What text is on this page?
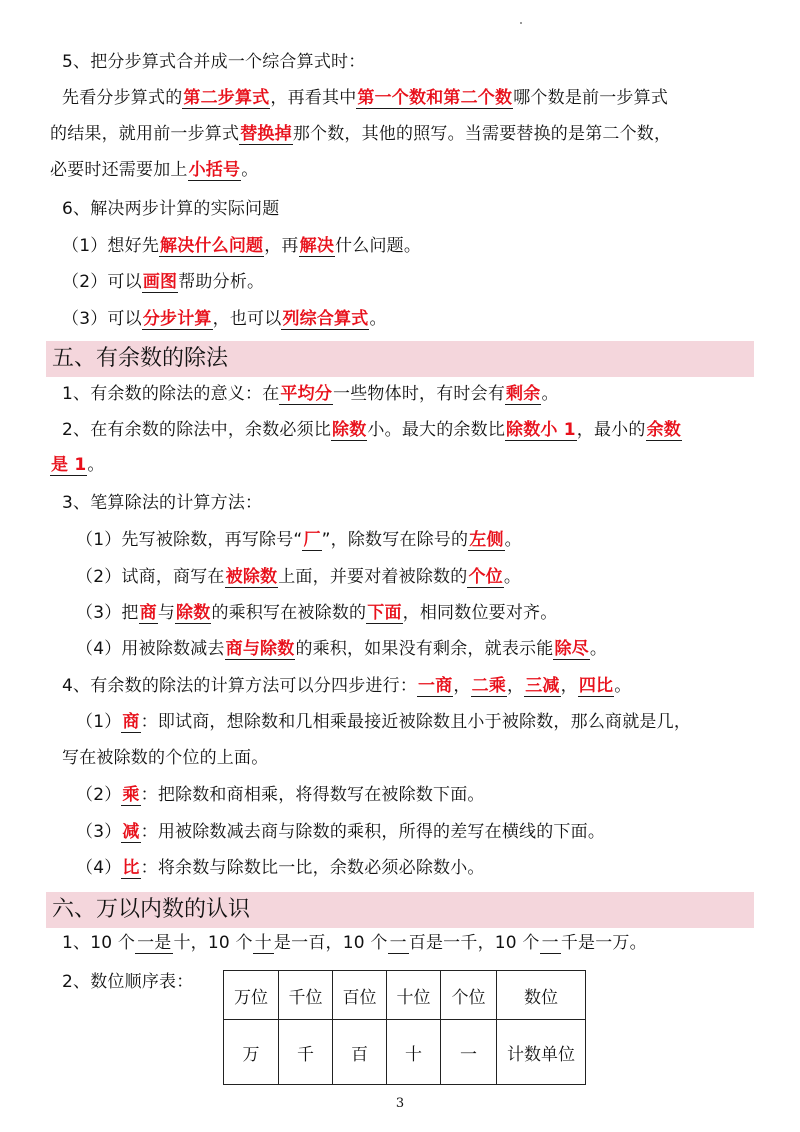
5、把分步算式合并成一个综合算式时：
先看分步算式的第二步算式，再看其中第一个数和第二个数哪个数是前一步算式
的结果，就用前一步算式替换掉那个数，其他的照写。当需要替换的是第二个数，
必要时还需要加上小括号。
6、解决两步计算的实际问题
（1）想好先解决什么问题，再解决什么问题。
（2）可以画图帮助分析。
（3）可以分步计算，也可以列综合算式。
五、有余数的除法
1、有余数的除法的意义：在平均分一些物体时，有时会有剩余。
2、在有余数的除法中，余数必须比除数小。最大的余数比除数小 1，最小的余数
是 1。
3、笔算除法的计算方法：
（1）先写被除数，再写除号“厂”，除数写在除号的左侧。
（2）试商，商写在被除数上面，并要对着被除数的个位。
（3）把商与除数的乘积写在被除数的下面，相同数位要对齐。
（4）用被除数减去商与除数的乘积，如果没有剩余，就表示能除尽。
4、有余数的除法的计算方法可以分四步进行：一商，二乘，三减，四比。
（1）商：即试商，想除数和几相乘最接近被除数且小于被除数，那么商就是几，
写在被除数的个位的上面。
（2）乘：把除数和商相乘，将得数写在被除数下面。
（3）减：用被除数减去商与除数的乘积，所得的差写在横线的下面。
（4）比：将余数与除数比一比，余数必须必除数小。
六、万以内数的认识
1、10 个 一是 十，10 个 十 是一百，10 个 一 百是一千，10 个 一 千是一万。
2、数位顺序表：
万位	千位	百位	十位	个位	数位
万	千	百	十	一	计数单位
3
